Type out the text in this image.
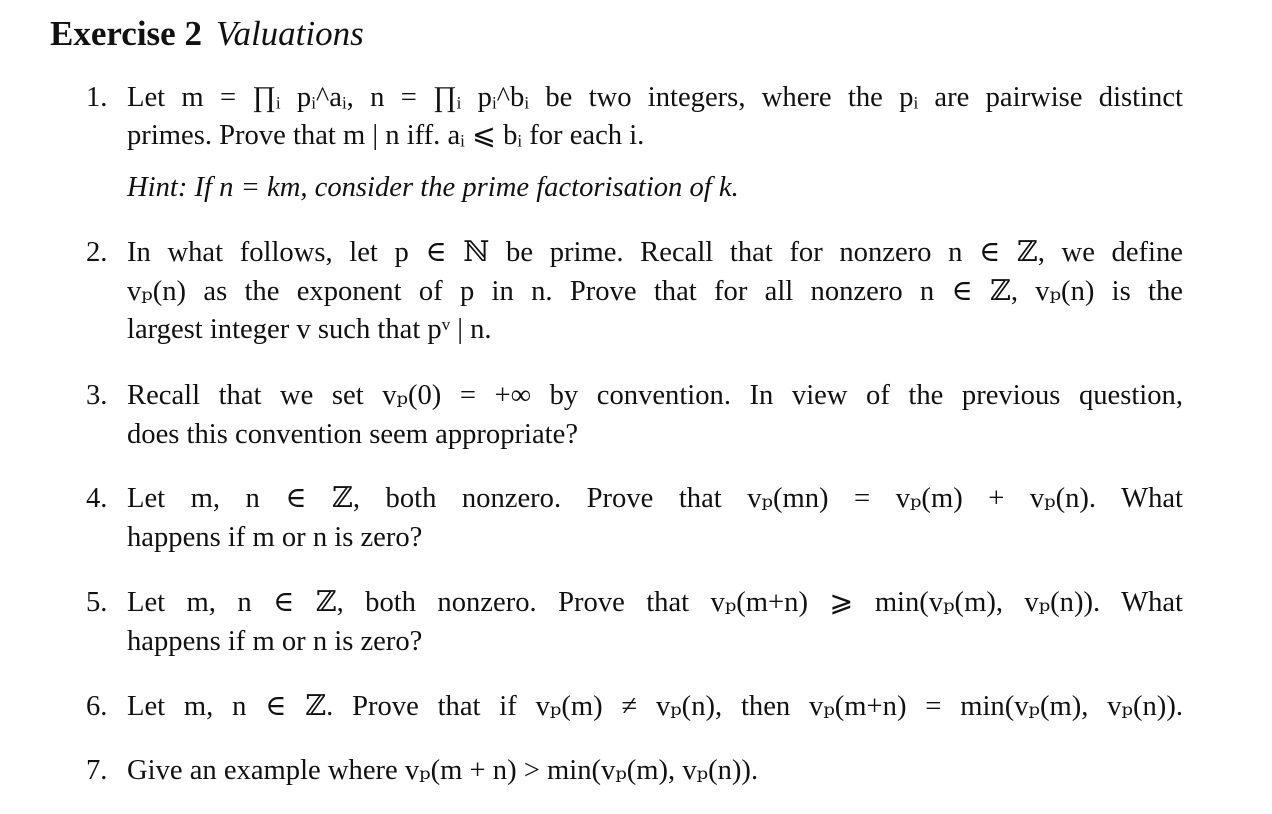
Exercise 2 Valuations
1. Let m = ∏ᵢ pᵢ^aᵢ, n = ∏ᵢ pᵢ^bᵢ be two integers, where the pᵢ are pairwise distinct
primes. Prove that m | n iff. aᵢ ⩽ bᵢ for each i.
Hint: If n = km, consider the prime factorisation of k.
2. In what follows, let p ∈ ℕ be prime. Recall that for nonzero n ∈ ℤ, we define
vₚ(n) as the exponent of p in n. Prove that for all nonzero n ∈ ℤ, vₚ(n) is the
largest integer v such that pᵛ | n.
3. Recall that we set vₚ(0) = +∞ by convention. In view of the previous question,
does this convention seem appropriate?
4. Let m, n ∈ ℤ, both nonzero. Prove that vₚ(mn) = vₚ(m) + vₚ(n). What
happens if m or n is zero?
5. Let m, n ∈ ℤ, both nonzero. Prove that vₚ(m+n) ⩾ min(vₚ(m), vₚ(n)). What
happens if m or n is zero?
6. Let m, n ∈ ℤ. Prove that if vₚ(m) ≠ vₚ(n), then vₚ(m+n) = min(vₚ(m), vₚ(n)).
7. Give an example where vₚ(m + n) > min(vₚ(m), vₚ(n)).
